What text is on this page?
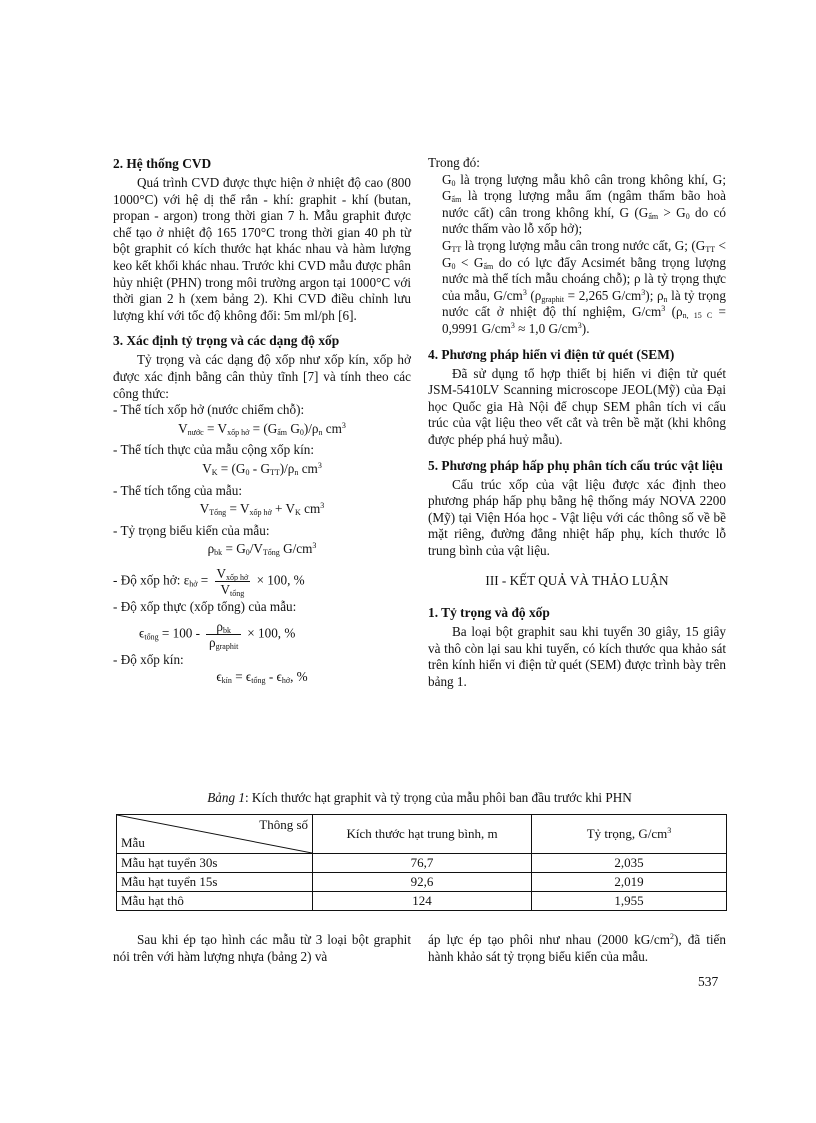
2. Hệ thống CVD

Quá trình CVD được thực hiện ở nhiệt độ cao (800 1000°C) với hệ dị thể rắn - khí: graphit - khí (butan, propan - argon) trong thời gian 7 h. Mẫu graphit được chế tạo ở nhiệt độ 165 170°C trong thời gian 40 ph từ bột graphit có kích thước hạt khác nhau và hàm lượng keo kết khối khác nhau. Trước khi CVD mẫu được phân hủy nhiệt (PHN) trong môi trường argon tại 1000°C với thời gian 2 h (xem bảng 2). Khi CVD điều chỉnh lưu lượng khí với tốc độ không đổi: 5m ml/ph [6].

3. Xác định tỷ trọng và các dạng độ xốp

Tỷ trọng và các dạng độ xốp như xốp kín, xốp hở được xác định bằng cân thủy tĩnh [7] và tính theo các công thức:

- Thể tích xốp hở (nước chiếm chỗ):

$V_{nước} = V_{xốp hở} = (G_{ẩm}$ $G_0)/\rho_n$ $cm^3$

- Thể tích thực của mẫu cộng xốp kín:

$V_K = (G_0 - G_{TT})/\rho_n$ $cm^3$

- Thể tích tổng của mẫu:

$V_{Tổng} = V_{xốp hở} + V_K$ $cm^3$

- Tỷ trọng biểu kiến của mẫu:

$\rho_{bk} = G_0/V_{Tổng}$ $G/cm^3$
- Độ xốp hở: $\varepsilon_{hở} = \frac{V_{xốp hở}}{V_{tổng}} \times 100$, %

- Độ xốp thực (xốp tổng) của mẫu:

$\epsilon_{tổng} = 100 - \frac{\rho_{bk}}{\rho_{graphit}} \times 100$, %

- Độ xốp kín:

$\epsilon_{kín} = \epsilon_{tổng} - \epsilon_{hở}$, %

Trong đó:

$G_0$ là trọng lượng mẫu khô cân trong không khí, G; $G_{ẩm}$ là trọng lượng mẫu ẩm (ngâm thấm bão hoà nước cất) cân trong không khí, G ($G_{ẩm} > G_0$ do có nước thấm vào lỗ xốp hở);

$G_{TT}$ là trọng lượng mẫu cân trong nước cất, G; ($G_{TT} < G_0 < G_{ẩm}$ do có lực đẩy Acsimét bằng trọng lượng nước mà thể tích mẫu choáng chỗ); ρ là tỷ trọng thực của mẫu, $G/cm^3$ ($\rho_{graphit} = 2,265$ $G/cm^3$); $\rho_n$ là tỷ trọng nước cất ở nhiệt độ thí nghiệm, $G/cm^3$ ($\rho_{n, 15 C} = 0,9991$ $G/cm^3 \approx 1,0$ $G/cm^3$).

4. Phương pháp hiển vi điện tử quét (SEM)

Đã sử dụng tổ hợp thiết bị hiển vi điện tử quét JSM-5410LV Scanning microscope JEOL(Mỹ) của Đại học Quốc gia Hà Nội để chụp SEM phân tích vi cấu trúc của vật liệu theo vết cắt và trên bề mặt (khi không được phép phá huỷ mẫu).

5. Phương pháp hấp phụ phân tích cấu trúc vật liệu

Cấu trúc xốp của vật liệu được xác định theo phương pháp hấp phụ bằng hệ thống máy NOVA 2200 (Mỹ) tại Viện Hóa học - Vật liệu với các thông số về bề mặt riêng, đường đẳng nhiệt hấp phụ, kích thước lỗ trung bình của vật liệu.

III - KẾT QUẢ VÀ THẢO LUẬN
1. Tỷ trọng và độ xốp

Ba loại bột graphit sau khi tuyển 30 giây, 15 giây và thô còn lại sau khi tuyển, có kích thước qua khảo sát trên kính hiển vi điện tử quét (SEM) được trình bày trên bảng 1.

Bảng 1: Kích thước hạt graphit và tỷ trọng của mẫu phôi ban đầu trước khi PHN
Thông số
Mẫu	Kích thước hạt trung bình, m	Tỷ trọng, $G/cm^3$
Mẫu hạt tuyển 30s	76,7	2,035
Mẫu hạt tuyển 15s	92,6	2,019
Mẫu hạt thô	124	1,955

Sau khi ép tạo hình các mẫu từ 3 loại bột graphit nói trên với hàm lượng nhựa (bảng 2) và

áp lực ép tạo phôi như nhau (2000 $kG/cm^2$), đã tiến hành khảo sát tỷ trọng biểu kiến của mẫu.

537
